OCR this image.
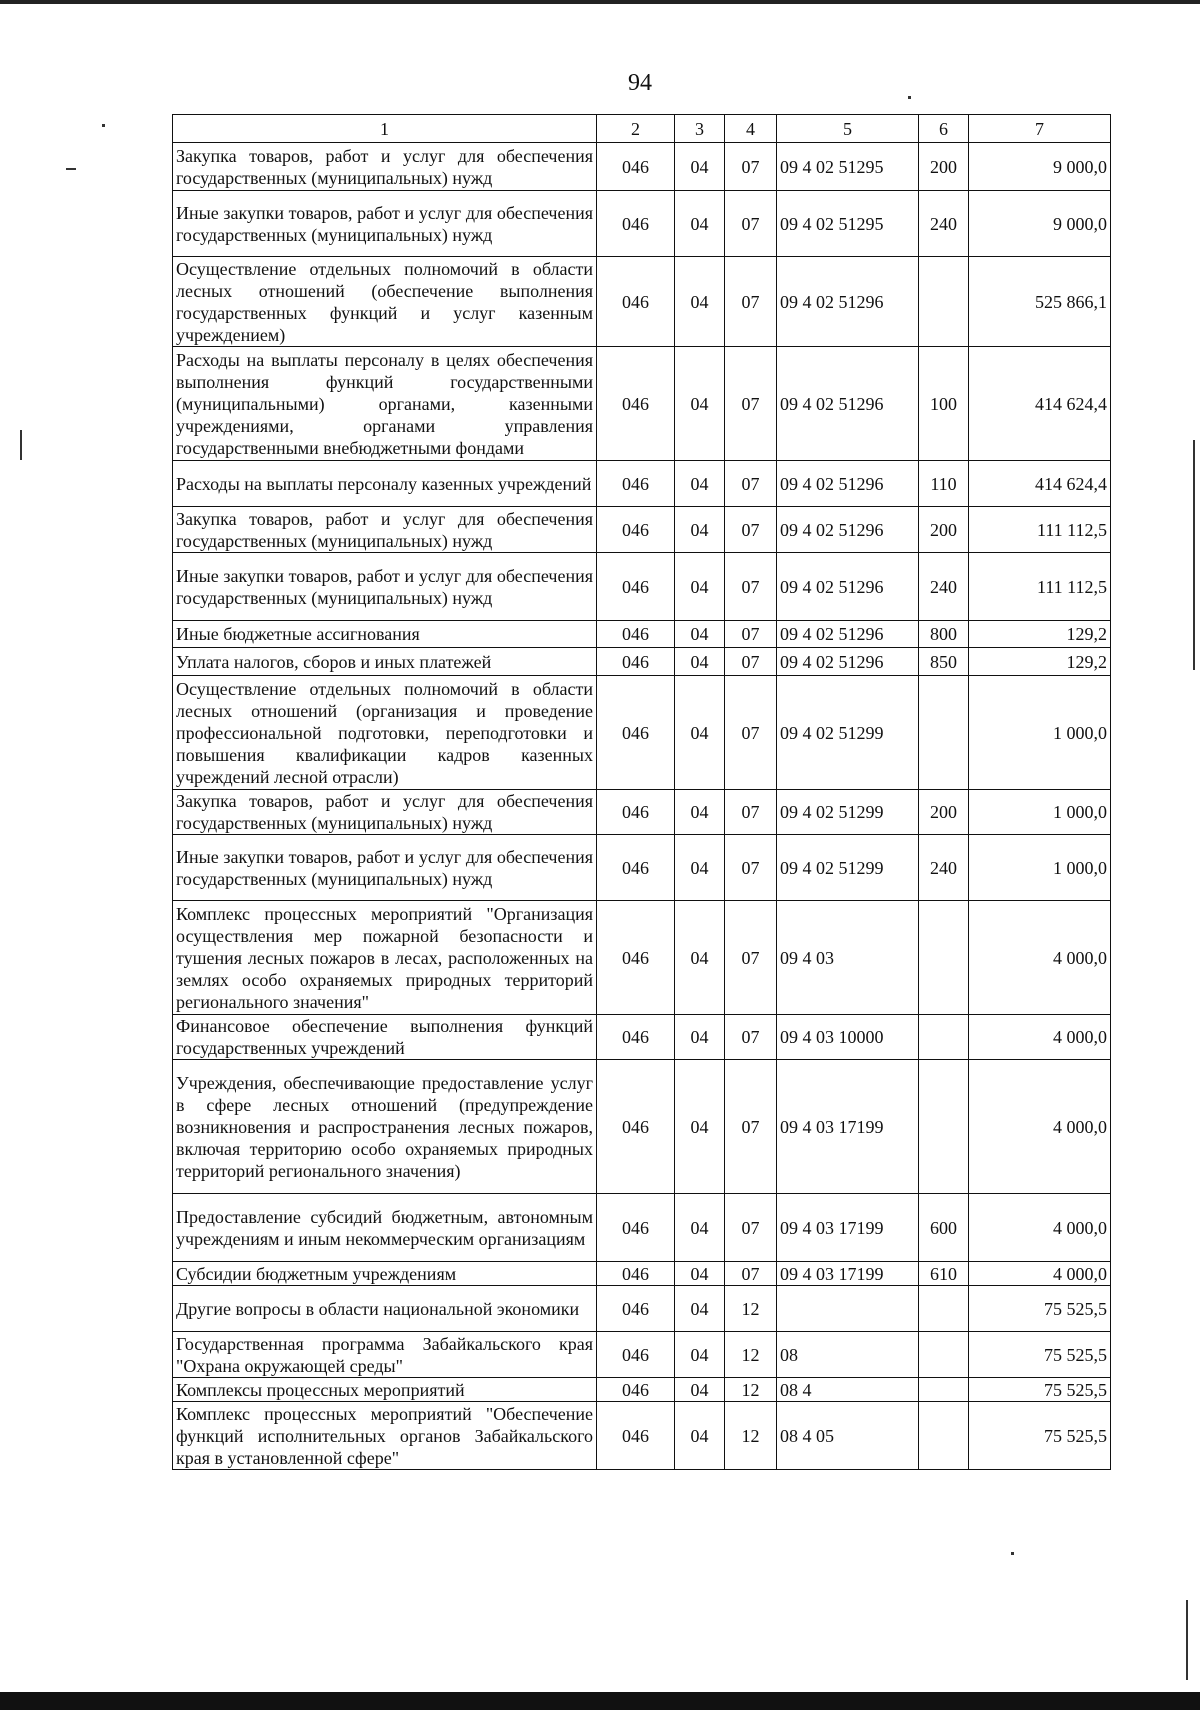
94
1	2	3	4	5	6	7
Закупка товаров, работ и услуг для обеспечения государственных (муниципальных) нужд	046	04	07	09 4 02 51295	200	9 000,0
Иные закупки товаров, работ и услуг для обеспечения государственных (муниципальных) нужд	046	04	07	09 4 02 51295	240	9 000,0
Осуществление отдельных полномочий в области лесных отношений (обеспечение выполнения государственных функций и услуг казенным учреждением)	046	04	07	09 4 02 51296		525 866,1
Расходы на выплаты персоналу в целях обеспечения выполнения функций государственными (муниципальными) органами, казенными учреждениями, органами управления государственными внебюджетными фондами	046	04	07	09 4 02 51296	100	414 624,4
Расходы на выплаты персоналу казенных учреждений	046	04	07	09 4 02 51296	110	414 624,4
Закупка товаров, работ и услуг для обеспечения государственных (муниципальных) нужд	046	04	07	09 4 02 51296	200	111 112,5
Иные закупки товаров, работ и услуг для обеспечения государственных (муниципальных) нужд	046	04	07	09 4 02 51296	240	111 112,5
Иные бюджетные ассигнования	046	04	07	09 4 02 51296	800	129,2
Уплата налогов, сборов и иных платежей	046	04	07	09 4 02 51296	850	129,2
Осуществление отдельных полномочий в области лесных отношений (организация и проведение профессиональной подготовки, переподготовки и повышения квалификации кадров казенных учреждений лесной отрасли)	046	04	07	09 4 02 51299		1 000,0
Закупка товаров, работ и услуг для обеспечения государственных (муниципальных) нужд	046	04	07	09 4 02 51299	200	1 000,0
Иные закупки товаров, работ и услуг для обеспечения государственных (муниципальных) нужд	046	04	07	09 4 02 51299	240	1 000,0
Комплекс процессных мероприятий "Организация осуществления мер пожарной безопасности и тушения лесных пожаров в лесах, расположенных на землях особо охраняемых природных территорий регионального значения"	046	04	07	09 4 03		4 000,0
Финансовое обеспечение выполнения функций государственных учреждений	046	04	07	09 4 03 10000		4 000,0
Учреждения, обеспечивающие предоставление услуг в сфере лесных отношений (предупреждение возникновения и распространения лесных пожаров, включая территорию особо охраняемых природных территорий регионального значения)	046	04	07	09 4 03 17199		4 000,0
Предоставление субсидий бюджетным, автономным учреждениям и иным некоммерческим организациям	046	04	07	09 4 03 17199	600	4 000,0
Субсидии бюджетным учреждениям	046	04	07	09 4 03 17199	610	4 000,0
Другие вопросы в области национальной экономики	046	04	12			75 525,5
Государственная программа Забайкальского края "Охрана окружающей среды"	046	04	12	08		75 525,5
Комплексы процессных мероприятий	046	04	12	08 4		75 525,5
Комплекс процессных мероприятий "Обеспечение функций исполнительных органов Забайкальского края в установленной сфере"	046	04	12	08 4 05		75 525,5
